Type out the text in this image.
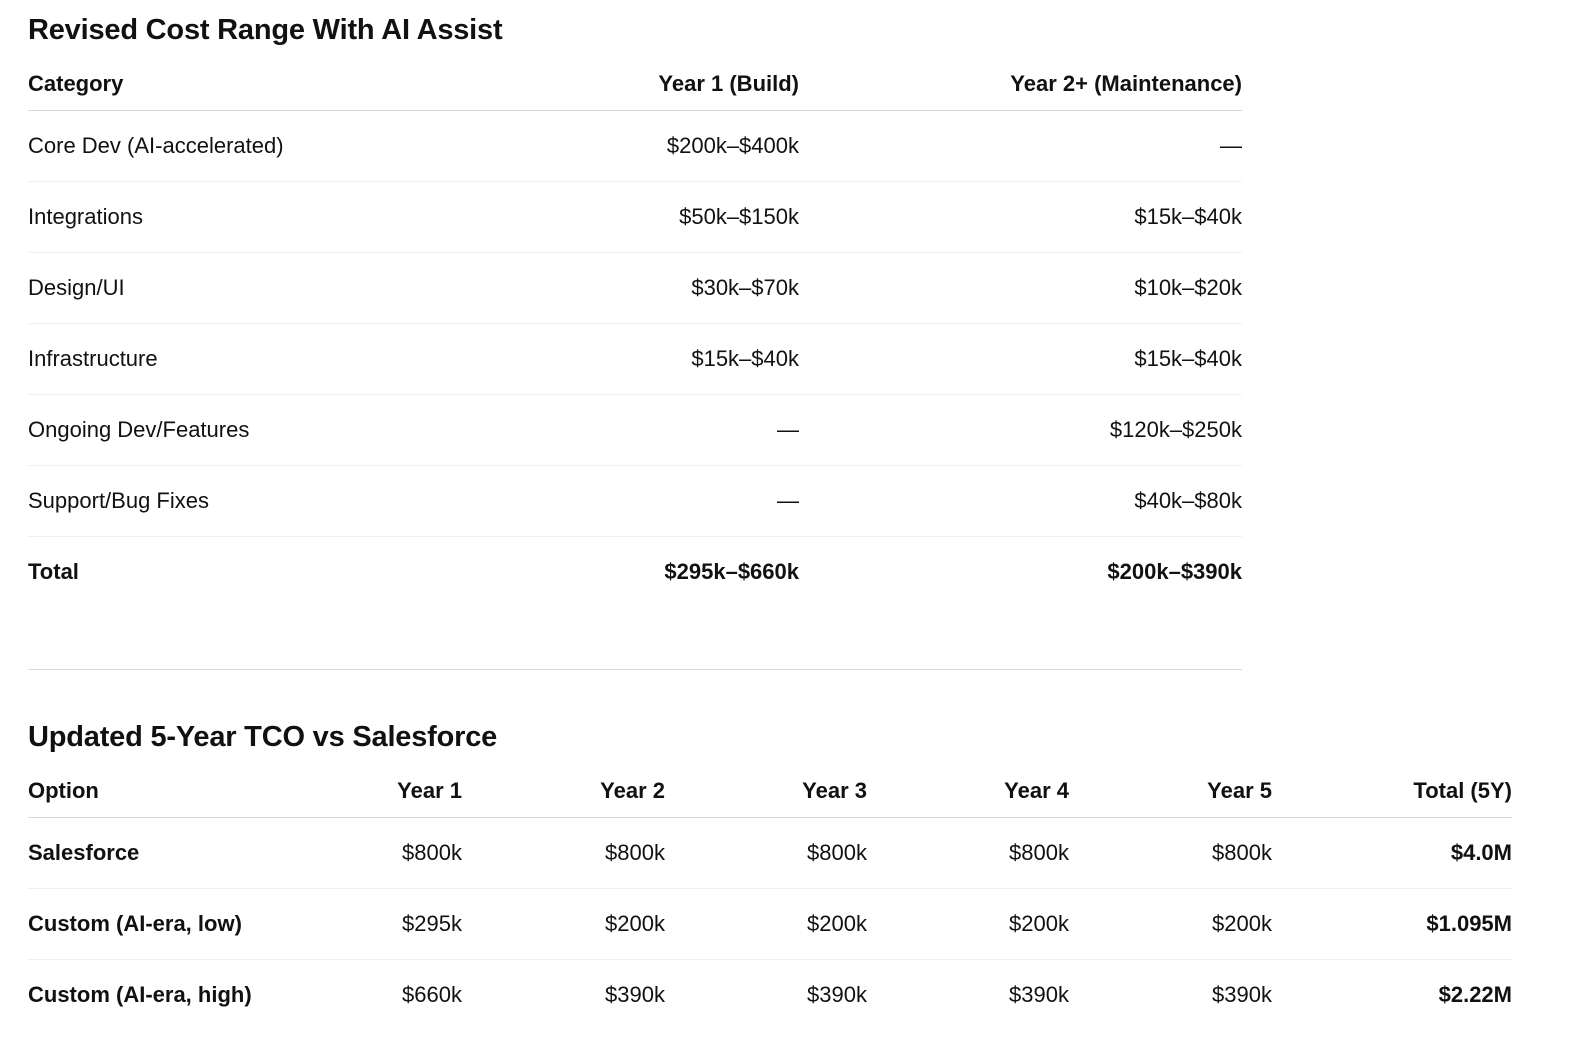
Revised Cost Range With AI Assist
Category	Year 1 (Build)	Year 2+ (Maintenance)
Core Dev (AI-accelerated)	$200k–$400k	—
Integrations	$50k–$150k	$15k–$40k
Design/UI	$30k–$70k	$10k–$20k
Infrastructure	$15k–$40k	$15k–$40k
Ongoing Dev/Features	—	$120k–$250k
Support/Bug Fixes	—	$40k–$80k
Total	$295k–$660k	$200k–$390k
Updated 5-Year TCO vs Salesforce
Option	Year 1	Year 2	Year 3	Year 4	Year 5	Total (5Y)
Salesforce	$800k	$800k	$800k	$800k	$800k	$4.0M
Custom (AI-era, low)	$295k	$200k	$200k	$200k	$200k	$1.095M
Custom (AI-era, high)	$660k	$390k	$390k	$390k	$390k	$2.22M
